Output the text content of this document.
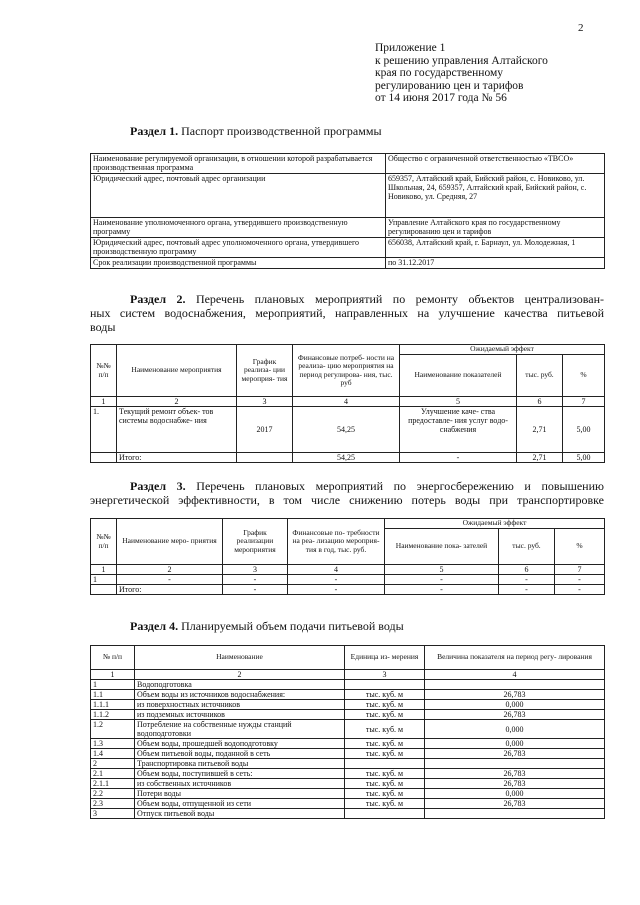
2
Приложение 1
к решению управления Алтайского
края по государственному
регулированию цен и тарифов
от 14 июня 2017 года № 56
Раздел 1. Паспорт производственной программы
Наименование регулируемой организации, в отношении которой разрабатывается производственная программа	Общество с ограниченной ответственностью «ТВСО»
Юридический адрес, почтовый адрес организации	659357, Алтайский край, Бийский район, с. Новиково, ул. Школьная, 24, 659357, Алтайский край, Бийский район, с. Новиково, ул. Средняя, 27
Наименование уполномоченного органа, утвердившего производственную программу	Управление Алтайского края по государственному регулированию цен и тарифов
Юридический адрес, почтовый адрес уполномоченного органа, утвердившего производственную программу	656038, Алтайский край, г. Барнаул, ул. Молодежная, 1
Срок реализации производственной программы	по 31.12.2017
Раздел 2. Перечень плановых мероприятий по ремонту объектов централизован-
ных систем водоснабжения, мероприятий, направленных на улучшение качества питьевой
воды
№№ п/п	Наименование мероприятия	График реализа- ции мероприя- тия	Финансовые потреб- ности на реализа- цию мероприятия на период регулирова- ния, тыс. руб	Ожидаемый эффект		
				Наименование показателей	тыс. руб.	%
1	2	3	4	5	6	7
1.	Текущий ремонт объек- тов системы водоснабже- ния	2017	54,25	Улучшение каче- ства предоставле- ния услуг водо- снабжения	2,71	5,00
	Итого:		54,25	-	2,71	5,00
Раздел 3. Перечень плановых мероприятий по энергосбережению и повышению
энергетической эффективности, в том числе снижению потерь воды при транспортировке
№№ п/п	Наименование меро- приятия	График реализации мероприятия	Финансовые по- требности на реа- лизацию мероприя- тия в год, тыс. руб.	Ожидаемый эффект		
				Наименование пока- зателей	тыс. руб.	%
1	2	3	4	5	6	7
1	-	-	-	-	-	-
	Итого:	-	-	-	-	-
Раздел 4. Планируемый объем подачи питьевой воды
№ п/п	Наименование	Единица из- мерения	Величина показателя на период регу- лирования
1	2	3	4
1	Водоподготовка		
1.1	Объем воды из источников водоснабжения:	тыс. куб. м	26,783
1.1.1	из поверхностных источников	тыс. куб. м	0,000
1.1.2	из подземных источников	тыс. куб. м	26,783
1.2	Потребление на собственные нужды станций водоподготовки	тыс. куб. м	0,000
1.3	Объем воды, прошедшей водоподготовку	тыс. куб. м	0,000
1.4	Объем питьевой воды, поданной в сеть	тыс. куб. м	26,783
2	Транспортировка питьевой воды		
2.1	Объем воды, поступившей в сеть:	тыс. куб. м	26,783
2.1.1	из собственных источников	тыс. куб. м	26,783
2.2	Потери воды	тыс. куб. м	0,000
2.3	Объем воды, отпущенной из сети	тыс. куб. м	26,783
3	Отпуск питьевой воды		
